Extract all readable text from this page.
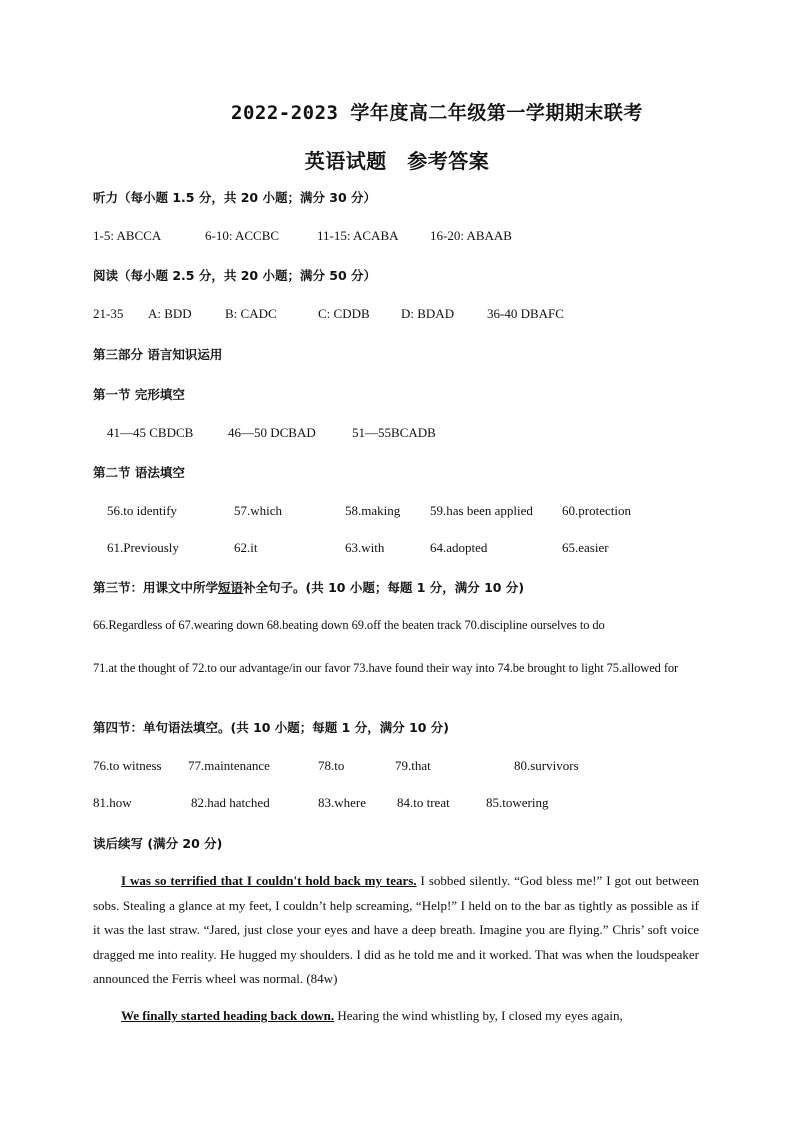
2022-2023 学年度高二年级第一学期期末联考
英语试题　参考答案
听力（每小题 1.5 分，共 20 小题；满分 30 分）
1-5: ABCCA	6-10: ACCBC	11-15: ACABA 16-20: ABAAB
阅读（每小题 2.5 分，共 20 小题；满分 50 分）
21-35 A: BDD	B: CADC	C: CDDB D: BDAD	36-40 DBAFC
第三部分 语言知识运用
第一节 完形填空
41—45 CBDCB	46—50 DCBAD	51—55BCADB
第二节 语法填空
56.to identify	57.which	58.making 59.has been applied 60.protection
61.Previously	62.it	63.with	64.adopted	65.easier
第三节：用课文中所学短语补全句子。(共 10 小题；每题 1 分，满分 10 分)
66.Regardless of 67.wearing down 68.beating down 69.off the beaten track 70.discipline ourselves to do
71.at the thought of 72.to our advantage/in our favor 73.have found their way into 74.be brought to light 75.allowed for
第四节：单句语法填空。(共 10 小题；每题 1 分，满分 10 分)
76.to witness 77.maintenance	78.to	79.that	80.survivors
81.how	82.had hatched	83.where 84.to treat	85.towering
读后续写 (满分 20 分)
I was so terrified that I couldn't hold back my tears. I sobbed silently. “God bless me!” I got out between sobs. Stealing a glance at my feet, I couldn’t help screaming, “Help!” I held on to the bar as tightly as possible as if it was the last straw. “Jared, just close your eyes and have a deep breath. Imagine you are flying.” Chris’ soft voice dragged me into reality. He hugged my shoulders. I did as he told me and it worked. That was when the loudspeaker announced the Ferris wheel was normal. (84w)
We finally started heading back down. Hearing the wind whistling by, I closed my eyes again,
